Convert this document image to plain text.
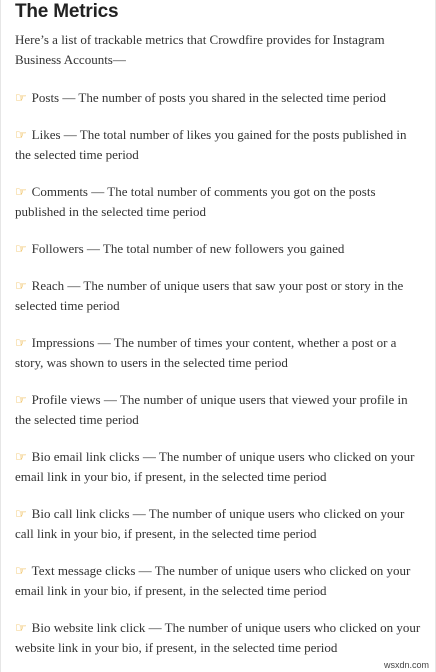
The Metrics

Here’s a list of trackable metrics that Crowdfire provides for Instagram Business Accounts—

☞ Posts — The number of posts you shared in the selected time period
☞ Likes — The total number of likes you gained for the posts published in the selected time period
☞ Comments — The total number of comments you got on the posts published in the selected time period
☞ Followers — The total number of new followers you gained
☞ Reach — The number of unique users that saw your post or story in the selected time period
☞ Impressions — The number of times your content, whether a post or a story, was shown to users in the selected time period
☞ Profile views — The number of unique users that viewed your profile in the selected time period
☞ Bio email link clicks — The number of unique users who clicked on your email link in your bio, if present, in the selected time period
☞ Bio call link clicks — The number of unique users who clicked on your call link in your bio, if present, in the selected time period
☞ Text message clicks — The number of unique users who clicked on your email link in your bio, if present, in the selected time period
☞ Bio website link click — The number of unique users who clicked on your website link in your bio, if present, in the selected time period
wsxdn.com
